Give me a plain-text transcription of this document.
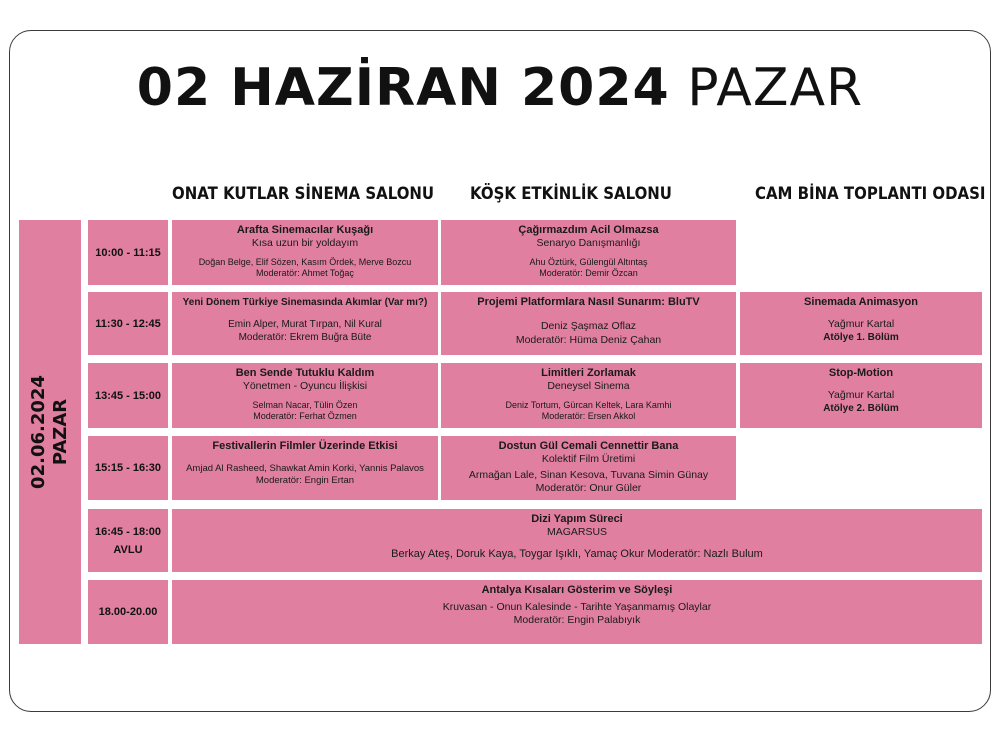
02 HAZİRAN 2024 PAZAR
ONAT KUTLAR SİNEMA SALONU KÖŞK ETKİNLİK SALONU	CAM BİNA TOPLANTI ODASI
02.06.2024 PAZAR
10:00 - 11:15
Arafta Sinemacılar Kuşağı
Kısa uzun bir yoldayım
Doğan Belge, Elif Sözen, Kasım Ördek, Merve Bozcu
Moderatör: Ahmet Toğaç
Çağırmazdım Acil Olmazsa
Senaryo Danışmanlığı
Ahu Öztürk, Gülengül Altıntaş
Moderatör: Demir Özcan
11:30 - 12:45
Yeni Dönem Türkiye Sinemasında Akımlar (Var mı?)
Emin Alper, Murat Tırpan, Nil Kural
Moderatör: Ekrem Buğra Büte
Projemi Platformlara Nasıl Sunarım: BluTV
Deniz Şaşmaz Oflaz
Moderatör: Hüma Deniz Çahan
Sinemada Animasyon
Yağmur Kartal
Atölye 1. Bölüm
13:45 - 15:00
Ben Sende Tutuklu Kaldım
Yönetmen - Oyuncu İlişkisi
Selman Nacar, Tülin Özen
Moderatör: Ferhat Özmen
Limitleri Zorlamak
Deneysel Sinema
Deniz Tortum, Gürcan Keltek, Lara Kamhi
Moderatör: Ersen Akkol
Stop-Motion
Yağmur Kartal
Atölye 2. Bölüm
15:15 - 16:30
Festivallerin Filmler Üzerinde Etkisi
Amjad Al Rasheed, Shawkat Amin Korki, Yannis Palavos
Moderatör: Engin Ertan
Dostun Gül Cemali Cennettir Bana
Kolektif Film Üretimi
Armağan Lale, Sinan Kesova, Tuvana Simin Günay
Moderatör: Onur Güler
16:45 - 18:00
AVLU
Dizi Yapım Süreci
MAGARSUS
Berkay Ateş, Doruk Kaya, Toygar Işıklı, Yamaç Okur Moderatör: Nazlı Bulum
18.00-20.00
Antalya Kısaları Gösterim ve Söyleşi
Kruvasan - Onun Kalesinde - Tarihte Yaşanmamış Olaylar
Moderatör: Engin Palabıyık
